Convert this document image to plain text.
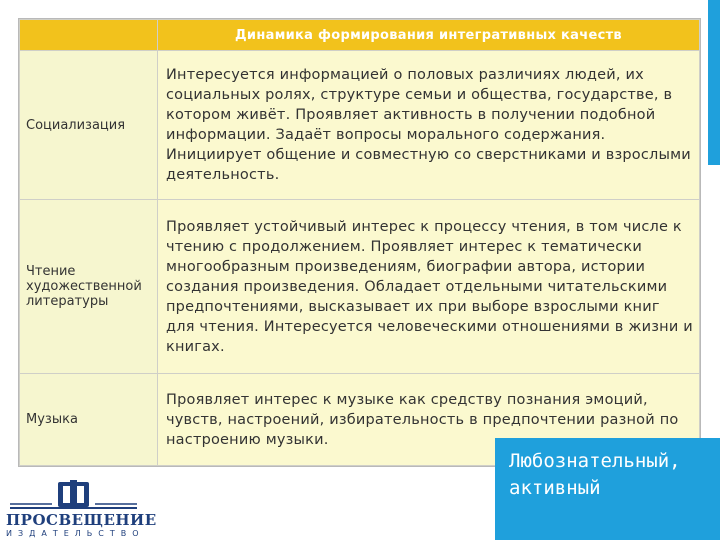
	Динамика формирования интегративных качеств
Социализация	Интересуется информацией о половых различиях людей, их социальных ролях, структуре семьи и общества, государстве, в котором живёт. Проявляет активность в получении подобной информации. Задаёт вопросы морального содержания. Инициирует общение и совместную со сверстниками и взрослыми деятельность.
Чтение художественной литературы	Проявляет устойчивый интерес к процессу чтения, в том числе к чтению с продолжением. Проявляет интерес к тематически многообразным произведениям, биографии автора, истории создания произведения. Обладает отдельными читательскими предпочтениями, высказывает их при выборе взрослыми книг для чтения. Интересуется человеческими отношениями в жизни и книгах.
Музыка	Проявляет интерес к музыке как средству познания эмоций, чувств, настроений, избирательность в предпочтении разной по настроению музыки.
ПРОСВЕЩЕНИЕ
ИЗДАТЕЛЬСТВО
Любознательный,
активный
